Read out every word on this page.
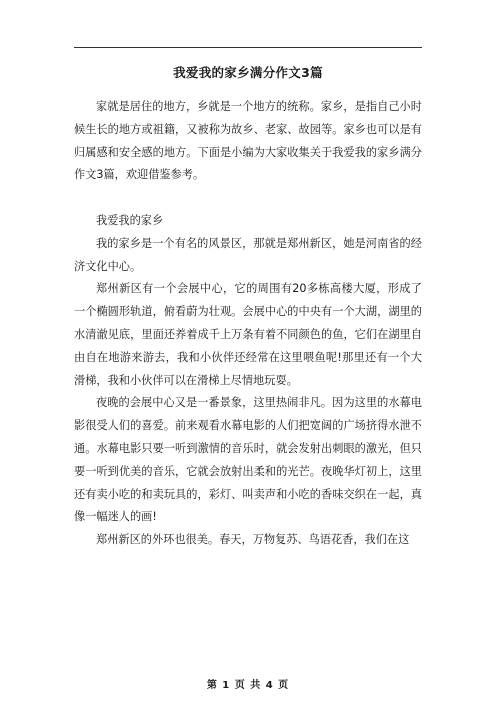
我爱我的家乡满分作文3篇

家就是居住的地方，乡就是一个地方的统称。家乡，是指自己小时候生长的地方或祖籍，又被称为故乡、老家、故园等。家乡也可以是有归属感和安全感的地方。下面是小编为大家收集关于我爱我的家乡满分作文3篇，欢迎借鉴参考。

我爱我的家乡

我的家乡是一个有名的风景区，那就是郑州新区，她是河南省的经济文化中心。

郑州新区有一个会展中心，它的周围有20多栋高楼大厦，形成了一个椭圆形轨道，俯看蔚为壮观。会展中心的中央有一个大湖，湖里的水清澈见底，里面还养着成千上万条有着不同颜色的鱼，它们在湖里自由自在地游来游去，我和小伙伴还经常在这里喂鱼呢!那里还有一个大滑梯，我和小伙伴可以在滑梯上尽情地玩耍。

夜晚的会展中心又是一番景象，这里热闹非凡。因为这里的水幕电影很受人们的喜爱。前来观看水幕电影的人们把宽阔的广场挤得水泄不通。水幕电影只要一听到激情的音乐时，就会发射出刺眼的激光，但只要一听到优美的音乐，它就会放射出柔和的光芒。夜晚华灯初上，这里还有卖小吃的和卖玩具的，彩灯、叫卖声和小吃的香味交织在一起，真像一幅迷人的画!

郑州新区的外环也很美。春天，万物复苏、鸟语花香，我们在这

第 1 页 共 4 页
